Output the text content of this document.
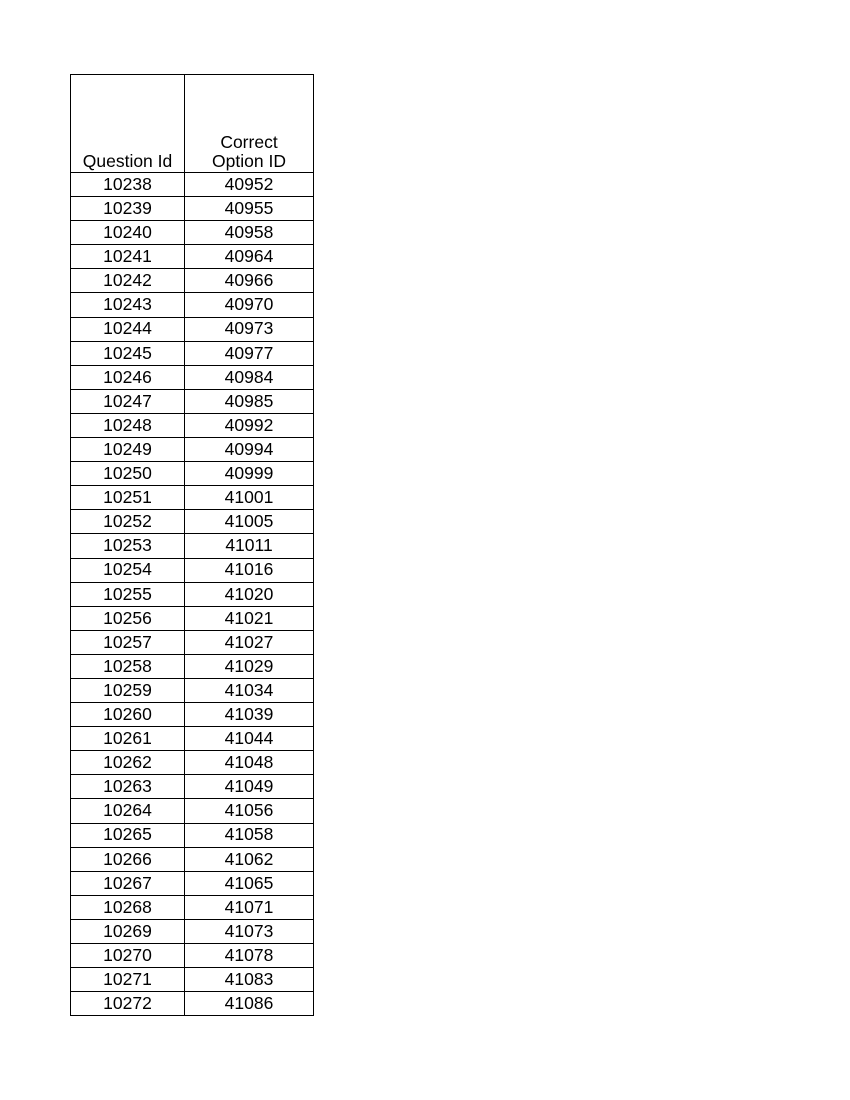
Question Id	Correct
Option ID

10238	40952
10239	40955
10240	40958
10241	40964
10242	40966
10243	40970
10244	40973
10245	40977
10246	40984
10247	40985
10248	40992
10249	40994
10250	40999
10251	41001
10252	41005
10253	41011
10254	41016
10255	41020
10256	41021
10257	41027
10258	41029
10259	41034
10260	41039
10261	41044
10262	41048
10263	41049
10264	41056
10265	41058
10266	41062
10267	41065
10268	41071
10269	41073
10270	41078
10271	41083
10272	41086
